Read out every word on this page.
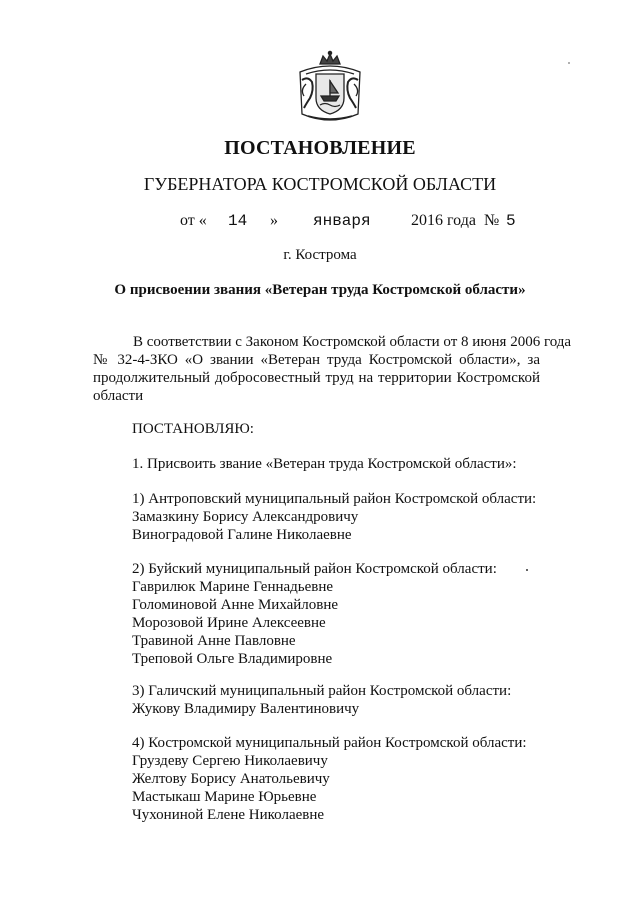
ПОСТАНОВЛЕНИЕ
ГУБЕРНАТОРА КОСТРОМСКОЙ ОБЛАСТИ
от « 14 » января	2016 года № 5
г. Кострома
О присвоении звания «Ветеран труда Костромской области»
В соответствии с Законом Костромской области от 8 июня 2006 года
№ 32-4-ЗКО «О звании «Ветеран труда Костромской области», за
продолжительный добросовестный труд на территории Костромской
области
ПОСТАНОВЛЯЮ:
1. Присвоить звание «Ветеран труда Костромской области»:
1) Антроповский муниципальный район Костромской области:
Замазкину Борису Александровичу
Виноградовой Галине Николаевне
2) Буйский муниципальный район Костромской области:
Гаврилюк Марине Геннадьевне
Голоминовой Анне Михайловне
Морозовой Ирине Алексеевне
Травиной Анне Павловне
Треповой Ольге Владимировне
3) Галичский муниципальный район Костромской области:
Жукову Владимиру Валентиновичу
4) Костромской муниципальный район Костромской области:
Груздеву Сергею Николаевичу
Желтову Борису Анатольевичу
Мастыкаш Марине Юрьевне
Чухониной Елене Николаевне
